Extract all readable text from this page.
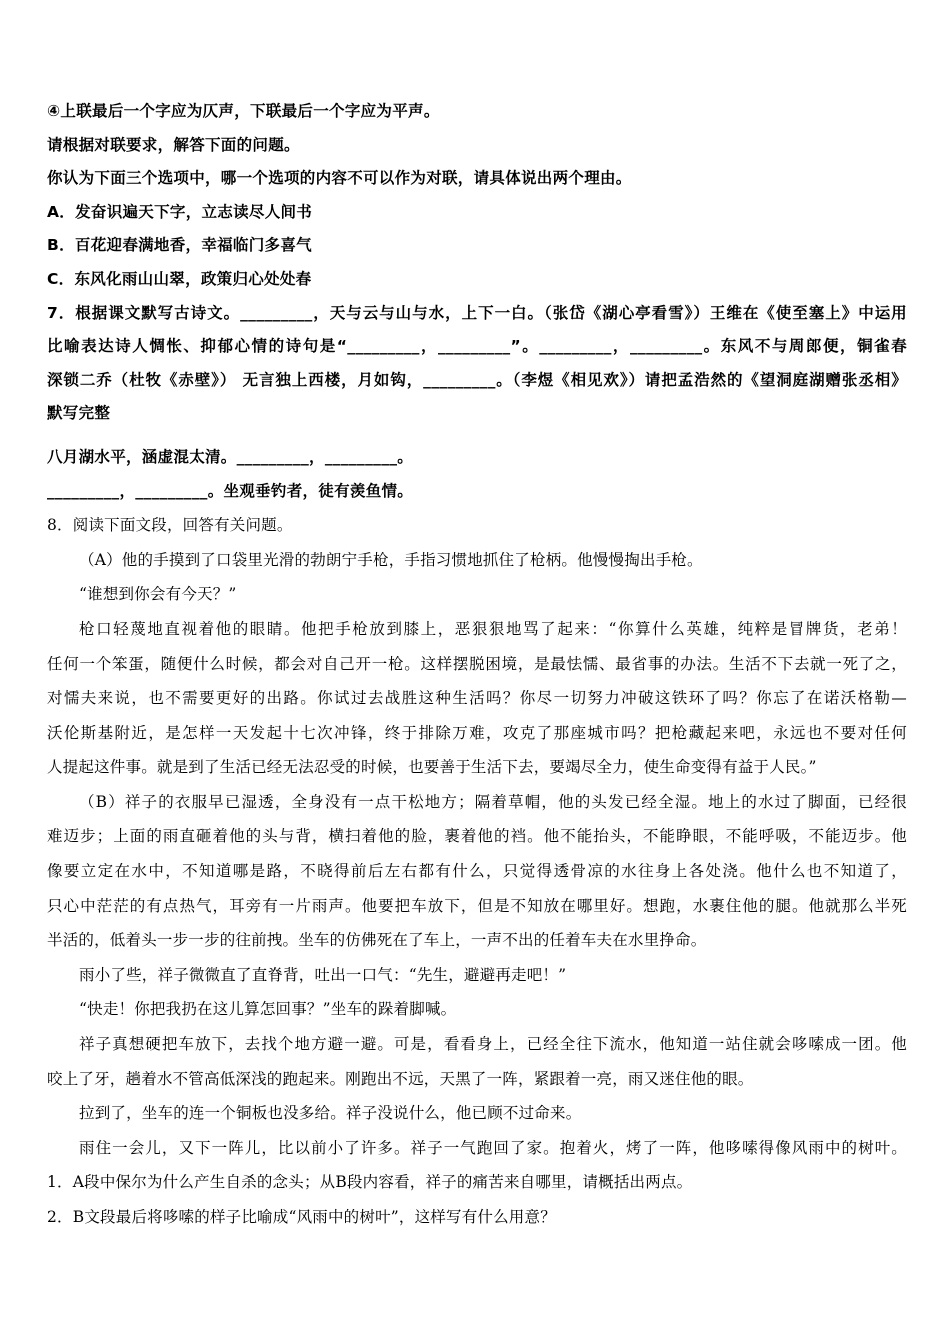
④上联最后一个字应为仄声，下联最后一个字应为平声。
请根据对联要求，解答下面的问题。
你认为下面三个选项中，哪一个选项的内容不可以作为对联，请具体说出两个理由。
A．发奋识遍天下字，立志读尽人间书
B．百花迎春满地香，幸福临门多喜气
C．东风化雨山山翠，政策归心处处春
7．根据课文默写古诗文。_________，天与云与山与水，上下一白。（张岱《湖心亭看雪》）王维在《使至塞上》中运用
比喻表达诗人惆怅、抑郁心情的诗句是“_________，_________”。_________，_________。东风不与周郎便，铜雀春
深锁二乔（杜牧《赤壁》） 无言独上西楼，月如钩，_________。（李煜《相见欢》）请把孟浩然的《望洞庭湖赠张丞相》
默写完整
八月湖水平，涵虚混太清。_________，_________。
_________，_________。坐观垂钓者，徒有羡鱼情。
8．阅读下面文段，回答有关问题。
（A）他的手摸到了口袋里光滑的勃朗宁手枪，手指习惯地抓住了枪柄。他慢慢掏出手枪。
“谁想到你会有今天？”
枪口轻蔑地直视着他的眼睛。他把手枪放到膝上，恶狠狠地骂了起来：“你算什么英雄，纯粹是冒牌货，老弟！
任何一个笨蛋，随便什么时候，都会对自己开一枪。这样摆脱困境，是最怯懦、最省事的办法。生活不下去就一死了之，
对懦夫来说，也不需要更好的出路。你试过去战胜这种生活吗？你尽一切努力冲破这铁环了吗？你忘了在诺沃格勒—
沃伦斯基附近，是怎样一天发起十七次冲锋，终于排除万难，攻克了那座城市吗？把枪藏起来吧，永远也不要对任何
人提起这件事。就是到了生活已经无法忍受的时候，也要善于生活下去，要竭尽全力，使生命变得有益于人民。”
（B）祥子的衣服早已湿透，全身没有一点干松地方；隔着草帽，他的头发已经全湿。地上的水过了脚面，已经很
难迈步；上面的雨直砸着他的头与背，横扫着他的脸，裹着他的裆。他不能抬头，不能睁眼，不能呼吸，不能迈步。他
像要立定在水中，不知道哪是路，不晓得前后左右都有什么，只觉得透骨凉的水往身上各处浇。他什么也不知道了，
只心中茫茫的有点热气，耳旁有一片雨声。他要把车放下，但是不知放在哪里好。想跑，水裹住他的腿。他就那么半死
半活的，低着头一步一步的往前拽。坐车的仿佛死在了车上，一声不出的任着车夫在水里挣命。
雨小了些，祥子微微直了直脊背，吐出一口气：“先生，避避再走吧！”
“快走！你把我扔在这儿算怎回事？”坐车的跺着脚喊。
祥子真想硬把车放下，去找个地方避一避。可是，看看身上，已经全往下流水，他知道一站住就会哆嗦成一团。他
咬上了牙，趟着水不管高低深浅的跑起来。刚跑出不远，天黑了一阵，紧跟着一亮，雨又迷住他的眼。
拉到了，坐车的连一个铜板也没多给。祥子没说什么，他已顾不过命来。
雨住一会儿，又下一阵儿，比以前小了许多。祥子一气跑回了家。抱着火，烤了一阵，他哆嗦得像风雨中的树叶。
1．A段中保尔为什么产生自杀的念头；从B段内容看，祥子的痛苦来自哪里，请概括出两点。
2．B文段最后将哆嗦的样子比喻成“风雨中的树叶”，这样写有什么用意？
